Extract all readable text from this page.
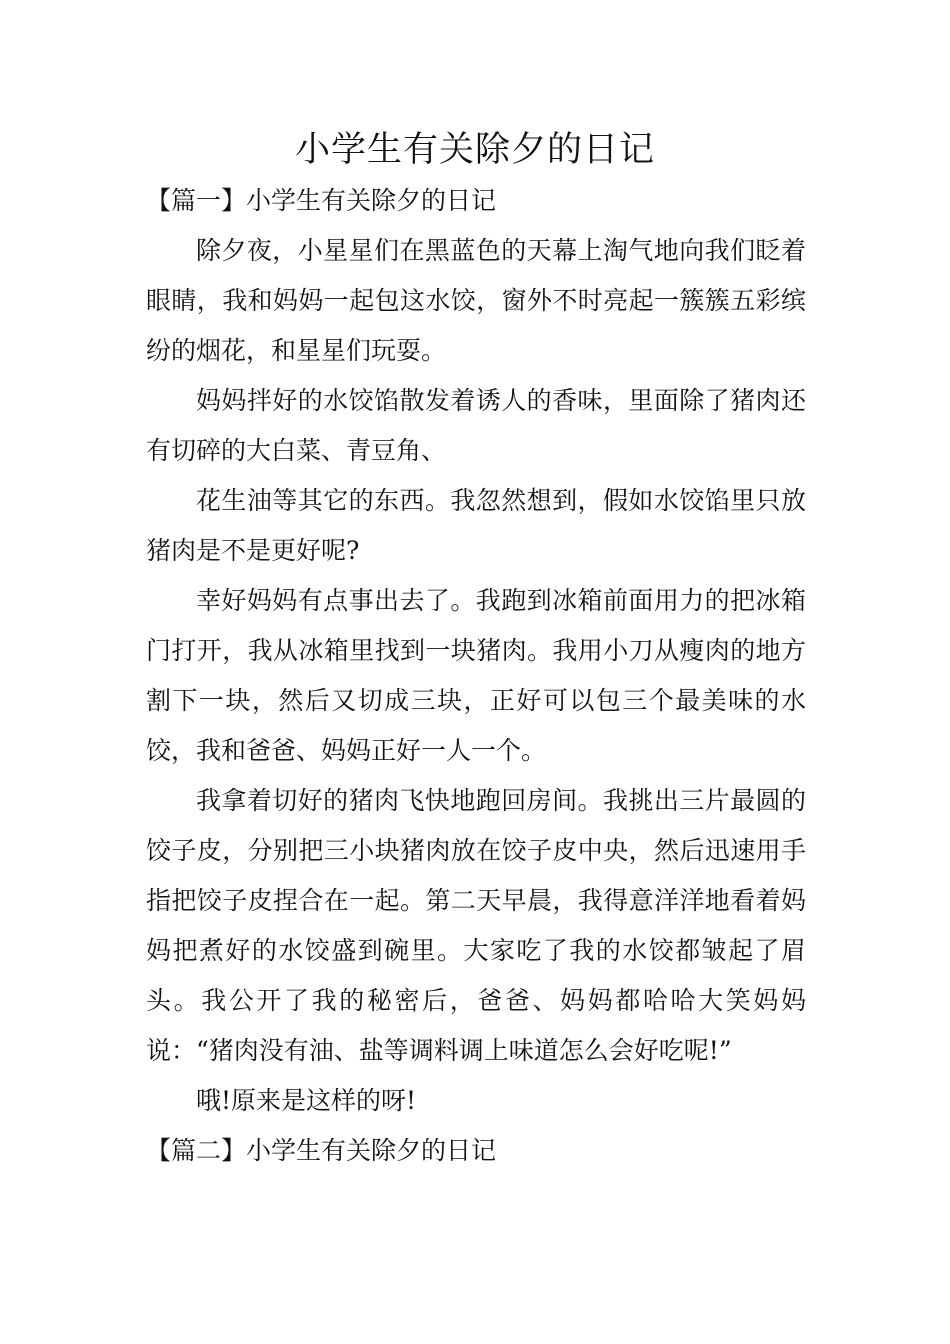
小学生有关除夕的日记

【篇一】小学生有关除夕的日记

除夕夜，小星星们在黑蓝色的天幕上淘气地向我们眨着眼睛，我和妈妈一起包这水饺，窗外不时亮起一簇簇五彩缤纷的烟花，和星星们玩耍。

妈妈拌好的水饺馅散发着诱人的香味，里面除了猪肉还有切碎的大白菜、青豆角、

花生油等其它的东西。我忽然想到，假如水饺馅里只放猪肉是不是更好呢?

幸好妈妈有点事出去了。我跑到冰箱前面用力的把冰箱门打开，我从冰箱里找到一块猪肉。我用小刀从瘦肉的地方割下一块，然后又切成三块，正好可以包三个最美味的水饺，我和爸爸、妈妈正好一人一个。

我拿着切好的猪肉飞快地跑回房间。我挑出三片最圆的饺子皮，分别把三小块猪肉放在饺子皮中央，然后迅速用手指把饺子皮捏合在一起。第二天早晨，我得意洋洋地看着妈妈把煮好的水饺盛到碗里。大家吃了我的水饺都皱起了眉头。我公开了我的秘密后，爸爸、妈妈都哈哈大笑妈妈说：“猪肉没有油、盐等调料调上味道怎么会好吃呢!”

哦!原来是这样的呀!

【篇二】小学生有关除夕的日记
